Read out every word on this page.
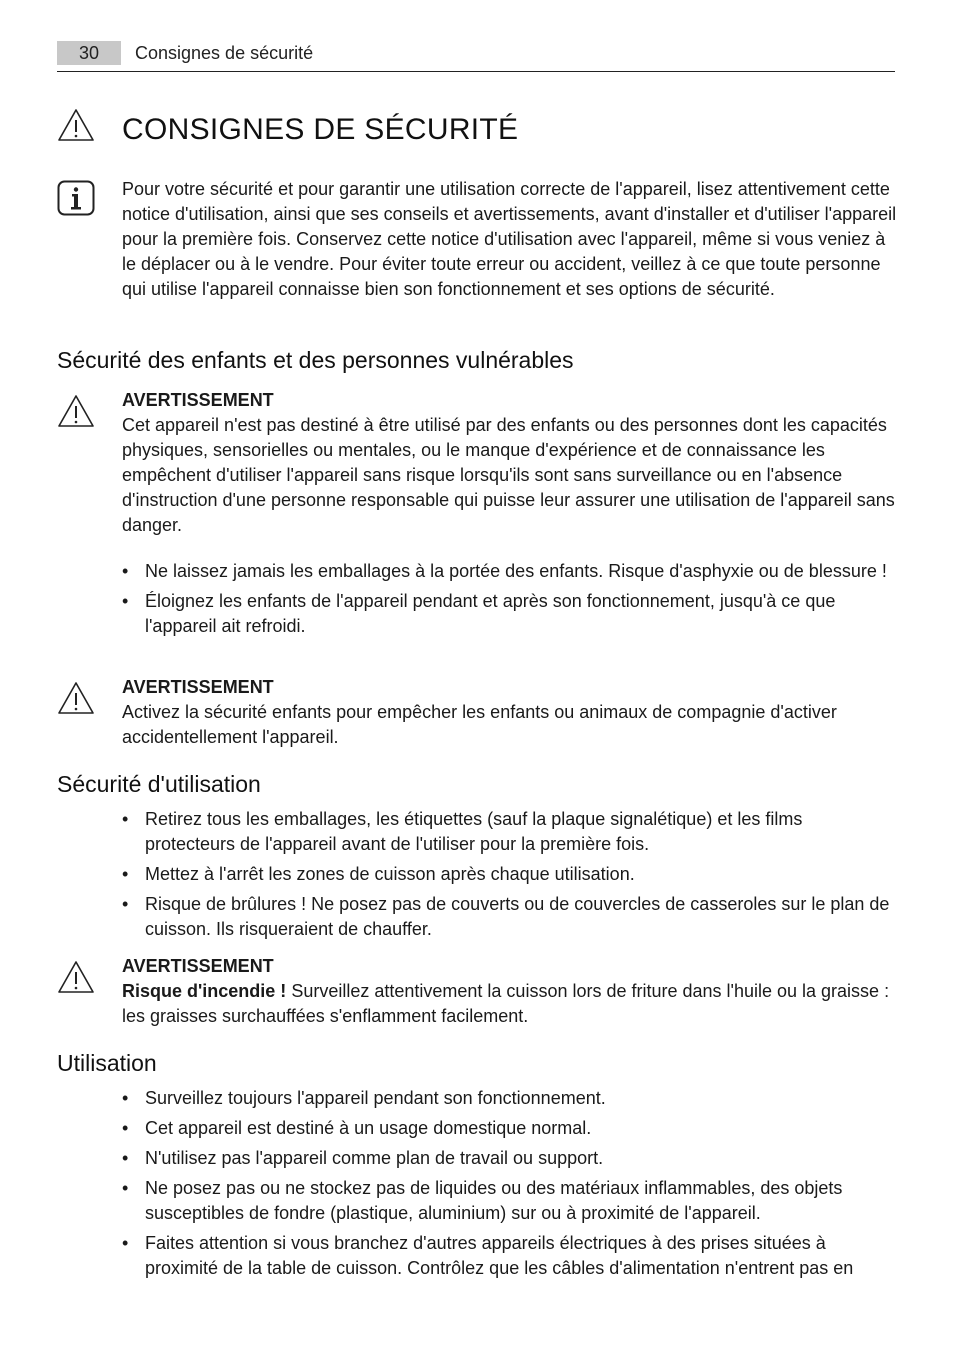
30	Consignes de sécurité
CONSIGNES DE SÉCURITÉ

Pour votre sécurité et pour garantir une utilisation correcte de l'appareil, lisez attentivement cette notice d'utilisation, ainsi que ses conseils et avertissements, avant d'installer et d'utiliser l'appareil pour la première fois. Conservez cette notice d'utilisation avec l'appareil, même si vous veniez à le déplacer ou à le vendre. Pour éviter toute erreur ou accident, veillez à ce que toute personne qui utilise l'appareil connaisse bien son fonctionnement et ses options de sécurité.

Sécurité des enfants et des personnes vulnérables

AVERTISSEMENT

Cet appareil n'est pas destiné à être utilisé par des enfants ou des personnes dont les capacités physiques, sensorielles ou mentales, ou le manque d'expérience et de connaissance les empêchent d'utiliser l'appareil sans risque lorsqu'ils sont sans surveillance ou en l'absence d'instruction d'une personne responsable qui puisse leur assurer une utilisation de l'appareil sans danger.

• Ne laissez jamais les emballages à la portée des enfants. Risque d'asphyxie ou de blessure !
• Éloignez les enfants de l'appareil pendant et après son fonctionnement, jusqu'à ce que l'appareil ait refroidi.

AVERTISSEMENT

Activez la sécurité enfants pour empêcher les enfants ou animaux de compagnie d'activer accidentellement l'appareil.

Sécurité d'utilisation
• Retirez tous les emballages, les étiquettes (sauf la plaque signalétique) et les films protecteurs de l'appareil avant de l'utiliser pour la première fois.
• Mettez à l'arrêt les zones de cuisson après chaque utilisation.
• Risque de brûlures ! Ne posez pas de couverts ou de couvercles de casseroles sur le plan de cuisson. Ils risqueraient de chauffer.

AVERTISSEMENT

Risque d'incendie ! Surveillez attentivement la cuisson lors de friture dans l'huile ou la graisse : les graisses surchauffées s'enflamment facilement.

Utilisation
• Surveillez toujours l'appareil pendant son fonctionnement.
• Cet appareil est destiné à un usage domestique normal.
• N'utilisez pas l'appareil comme plan de travail ou support.
• Ne posez pas ou ne stockez pas de liquides ou des matériaux inflammables, des objets susceptibles de fondre (plastique, aluminium) sur ou à proximité de l'appareil.
• Faites attention si vous branchez d'autres appareils électriques à des prises situées à proximité de la table de cuisson. Contrôlez que les câbles d'alimentation n'entrent pas en
